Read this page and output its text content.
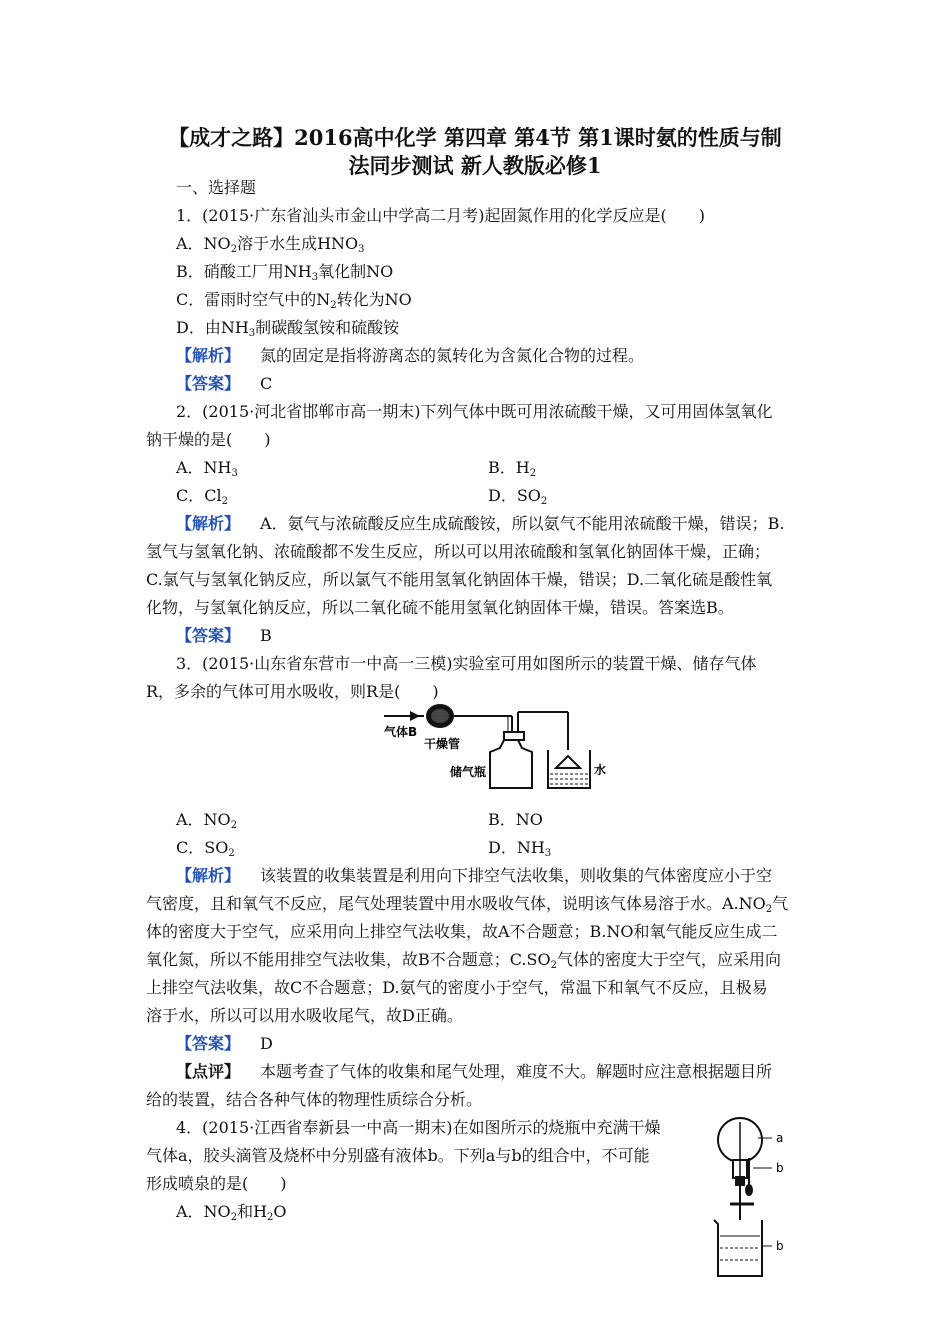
【成才之路】2016高中化学 第四章 第4节 第1课时氨的性质与制
法同步测试 新人教版必修1
一、选择题
1．(2015·广东省汕头市金山中学高二月考)起固氮作用的化学反应是(　　)
A．$NO_2$溶于水生成$HNO_3$
B．硝酸工厂用$NH_3$氧化制NO
C．雷雨时空气中的$N_2$转化为NO
D．由$NH_3$制碳酸氢铵和硫酸铵
【解析】 氮的固定是指将游离态的氮转化为含氮化合物的过程。
【答案】 C
2．(2015·河北省邯郸市高一期末)下列气体中既可用浓硫酸干燥，又可用固体氢氧化
钠干燥的是(　　)
A．$NH_3$	B．$H_2$
C．$Cl_2$	D．$SO_2$
【解析】 A．氨气与浓硫酸反应生成硫酸铵，所以氨气不能用浓硫酸干燥，错误；B.
氢气与氢氧化钠、浓硫酸都不发生反应，所以可以用浓硫酸和氢氧化钠固体干燥，正确；
C.氯气与氢氧化钠反应，所以氯气不能用氢氧化钠固体干燥，错误；D.二氧化硫是酸性氧
化物，与氢氧化钠反应，所以二氧化硫不能用氢氧化钠固体干燥，错误。答案选B。
【答案】 B
3．(2015·山东省东营市一中高一三模)实验室可用如图所示的装置干燥、储存气体
R，多余的气体可用水吸收，则R是(　　)
气体B
干燥管
储气瓶	水
A．$NO_2$	B．NO
C．$SO_2$	D．$NH_3$
【解析】 该装置的收集装置是利用向下排空气法收集，则收集的气体密度应小于空
气密度，且和氧气不反应，尾气处理装置中用水吸收气体，说明该气体易溶于水。$A.NO_2$气
体的密度大于空气，应采用向上排空气法收集，故A不合题意；B.NO和氧气能反应生成二
氧化氮，所以不能用排空气法收集，故B不合题意；$C.SO_2$气体的密度大于空气，应采用向
上排空气法收集，故C不合题意；D.氨气的密度小于空气，常温下和氧气不反应，且极易
溶于水，所以可以用水吸收尾气，故D正确。
【答案】 D
【点评】 本题考查了气体的收集和尾气处理，难度不大。解题时应注意根据题目所
给的装置，结合各种气体的物理性质综合分析。
4．(2015·江西省奉新县一中高一期末)在如图所示的烧瓶中充满干燥
气体a，胶头滴管及烧杯中分别盛有液体b。下列a与b的组合中，不可能
形成喷泉的是(　　)
A．$NO_2$和$H_2O$
a
b
b
